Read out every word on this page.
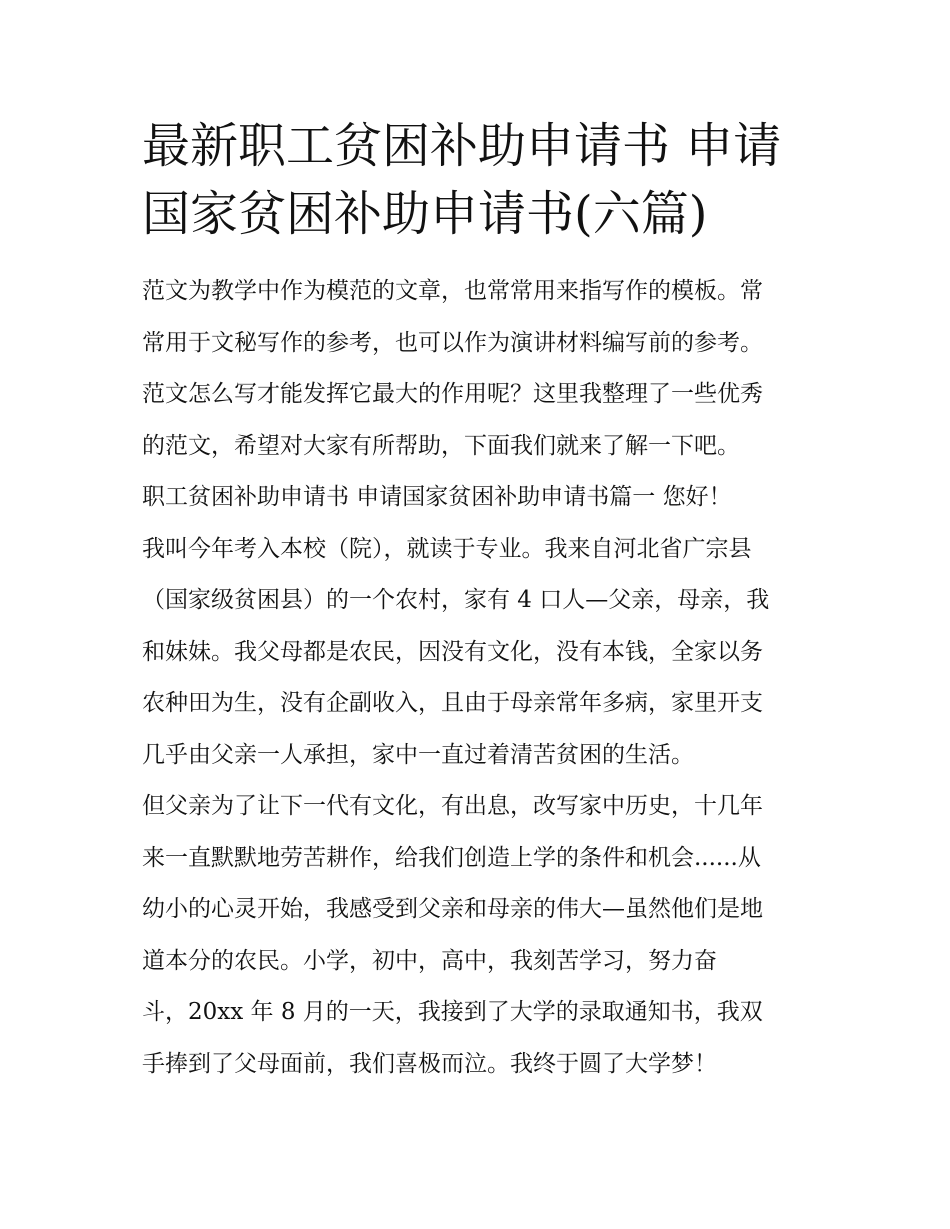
最新职工贫困补助申请书 申请
国家贫困补助申请书(六篇)
范文为教学中作为模范的文章，也常常用来指写作的模板。常
常用于文秘写作的参考，也可以作为演讲材料编写前的参考。
范文怎么写才能发挥它最大的作用呢？这里我整理了一些优秀
的范文，希望对大家有所帮助，下面我们就来了解一下吧。
职工贫困补助申请书 申请国家贫困补助申请书篇一 您好！
我叫今年考入本校（院），就读于专业。我来自河北省广宗县
（国家级贫困县）的一个农村，家有 4 口人—父亲，母亲，我
和妹妹。我父母都是农民，因没有文化，没有本钱，全家以务
农种田为生，没有企副收入，且由于母亲常年多病，家里开支
几乎由父亲一人承担，家中一直过着清苦贫困的生活。
但父亲为了让下一代有文化，有出息，改写家中历史，十几年
来一直默默地劳苦耕作，给我们创造上学的条件和机会......从
幼小的心灵开始，我感受到父亲和母亲的伟大—虽然他们是地
道本分的农民。小学，初中，高中，我刻苦学习，努力奋
斗，20xx 年 8 月的一天，我接到了大学的录取通知书，我双
手捧到了父母面前，我们喜极而泣。我终于圆了大学梦！
